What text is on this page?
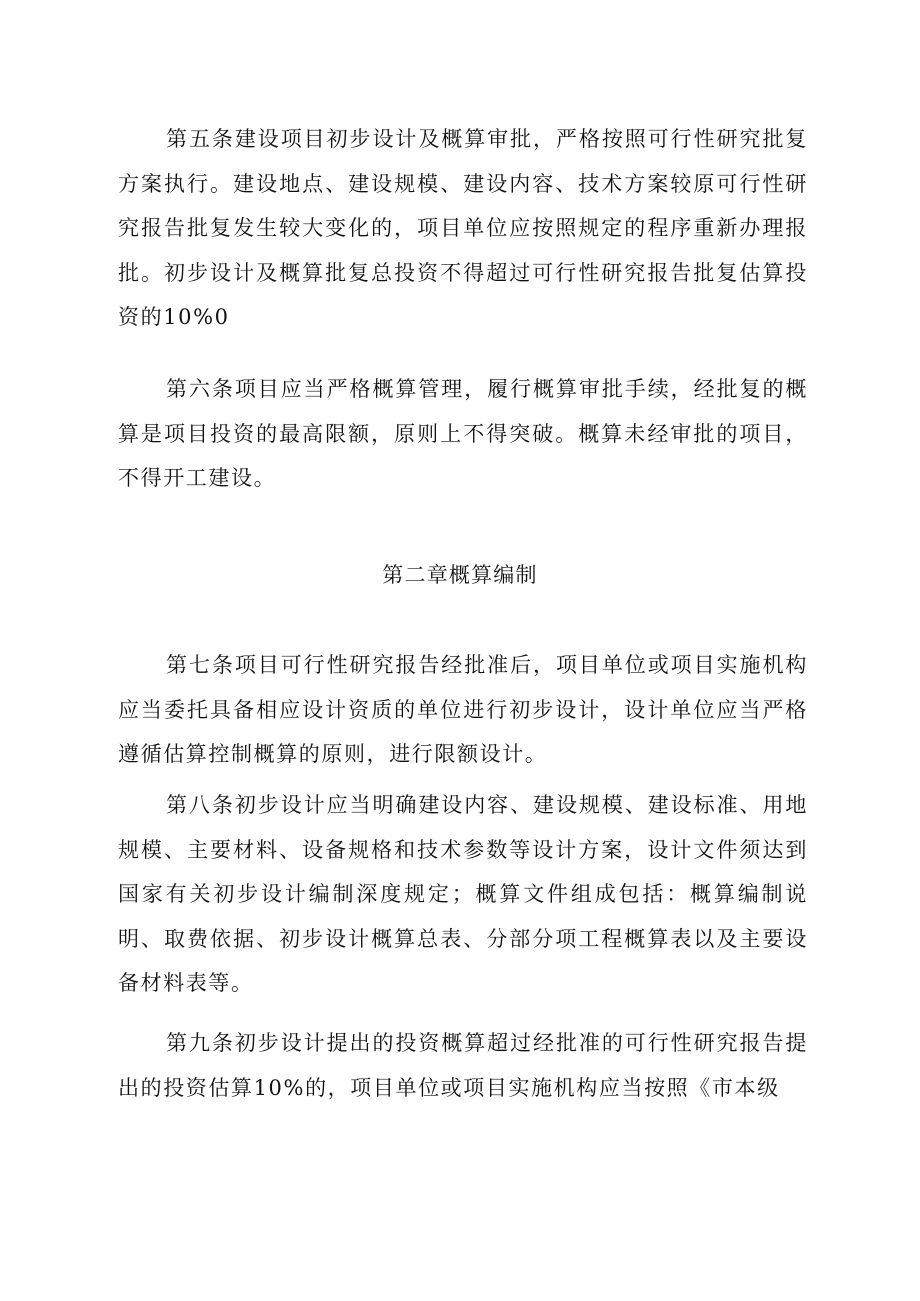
第五条建设项目初步设计及概算审批，严格按照可行性研究批复方案执行。建设地点、建设规模、建设内容、技术方案较原可行性研究报告批复发生较大变化的，项目单位应按照规定的程序重新办理报批。初步设计及概算批复总投资不得超过可行性研究报告批复估算投资的10%0

第六条项目应当严格概算管理，履行概算审批手续，经批复的概算是项目投资的最高限额，原则上不得突破。概算未经审批的项目，不得开工建设。

第二章概算编制

第七条项目可行性研究报告经批准后，项目单位或项目实施机构应当委托具备相应设计资质的单位进行初步设计，设计单位应当严格遵循估算控制概算的原则，进行限额设计。

第八条初步设计应当明确建设内容、建设规模、建设标准、用地规模、主要材料、设备规格和技术参数等设计方案，设计文件须达到国家有关初步设计编制深度规定；概算文件组成包括：概算编制说明、取费依据、初步设计概算总表、分部分项工程概算表以及主要设备材料表等。

第九条初步设计提出的投资概算超过经批准的可行性研究报告提出的投资估算10%的，项目单位或项目实施机构应当按照《市本级
